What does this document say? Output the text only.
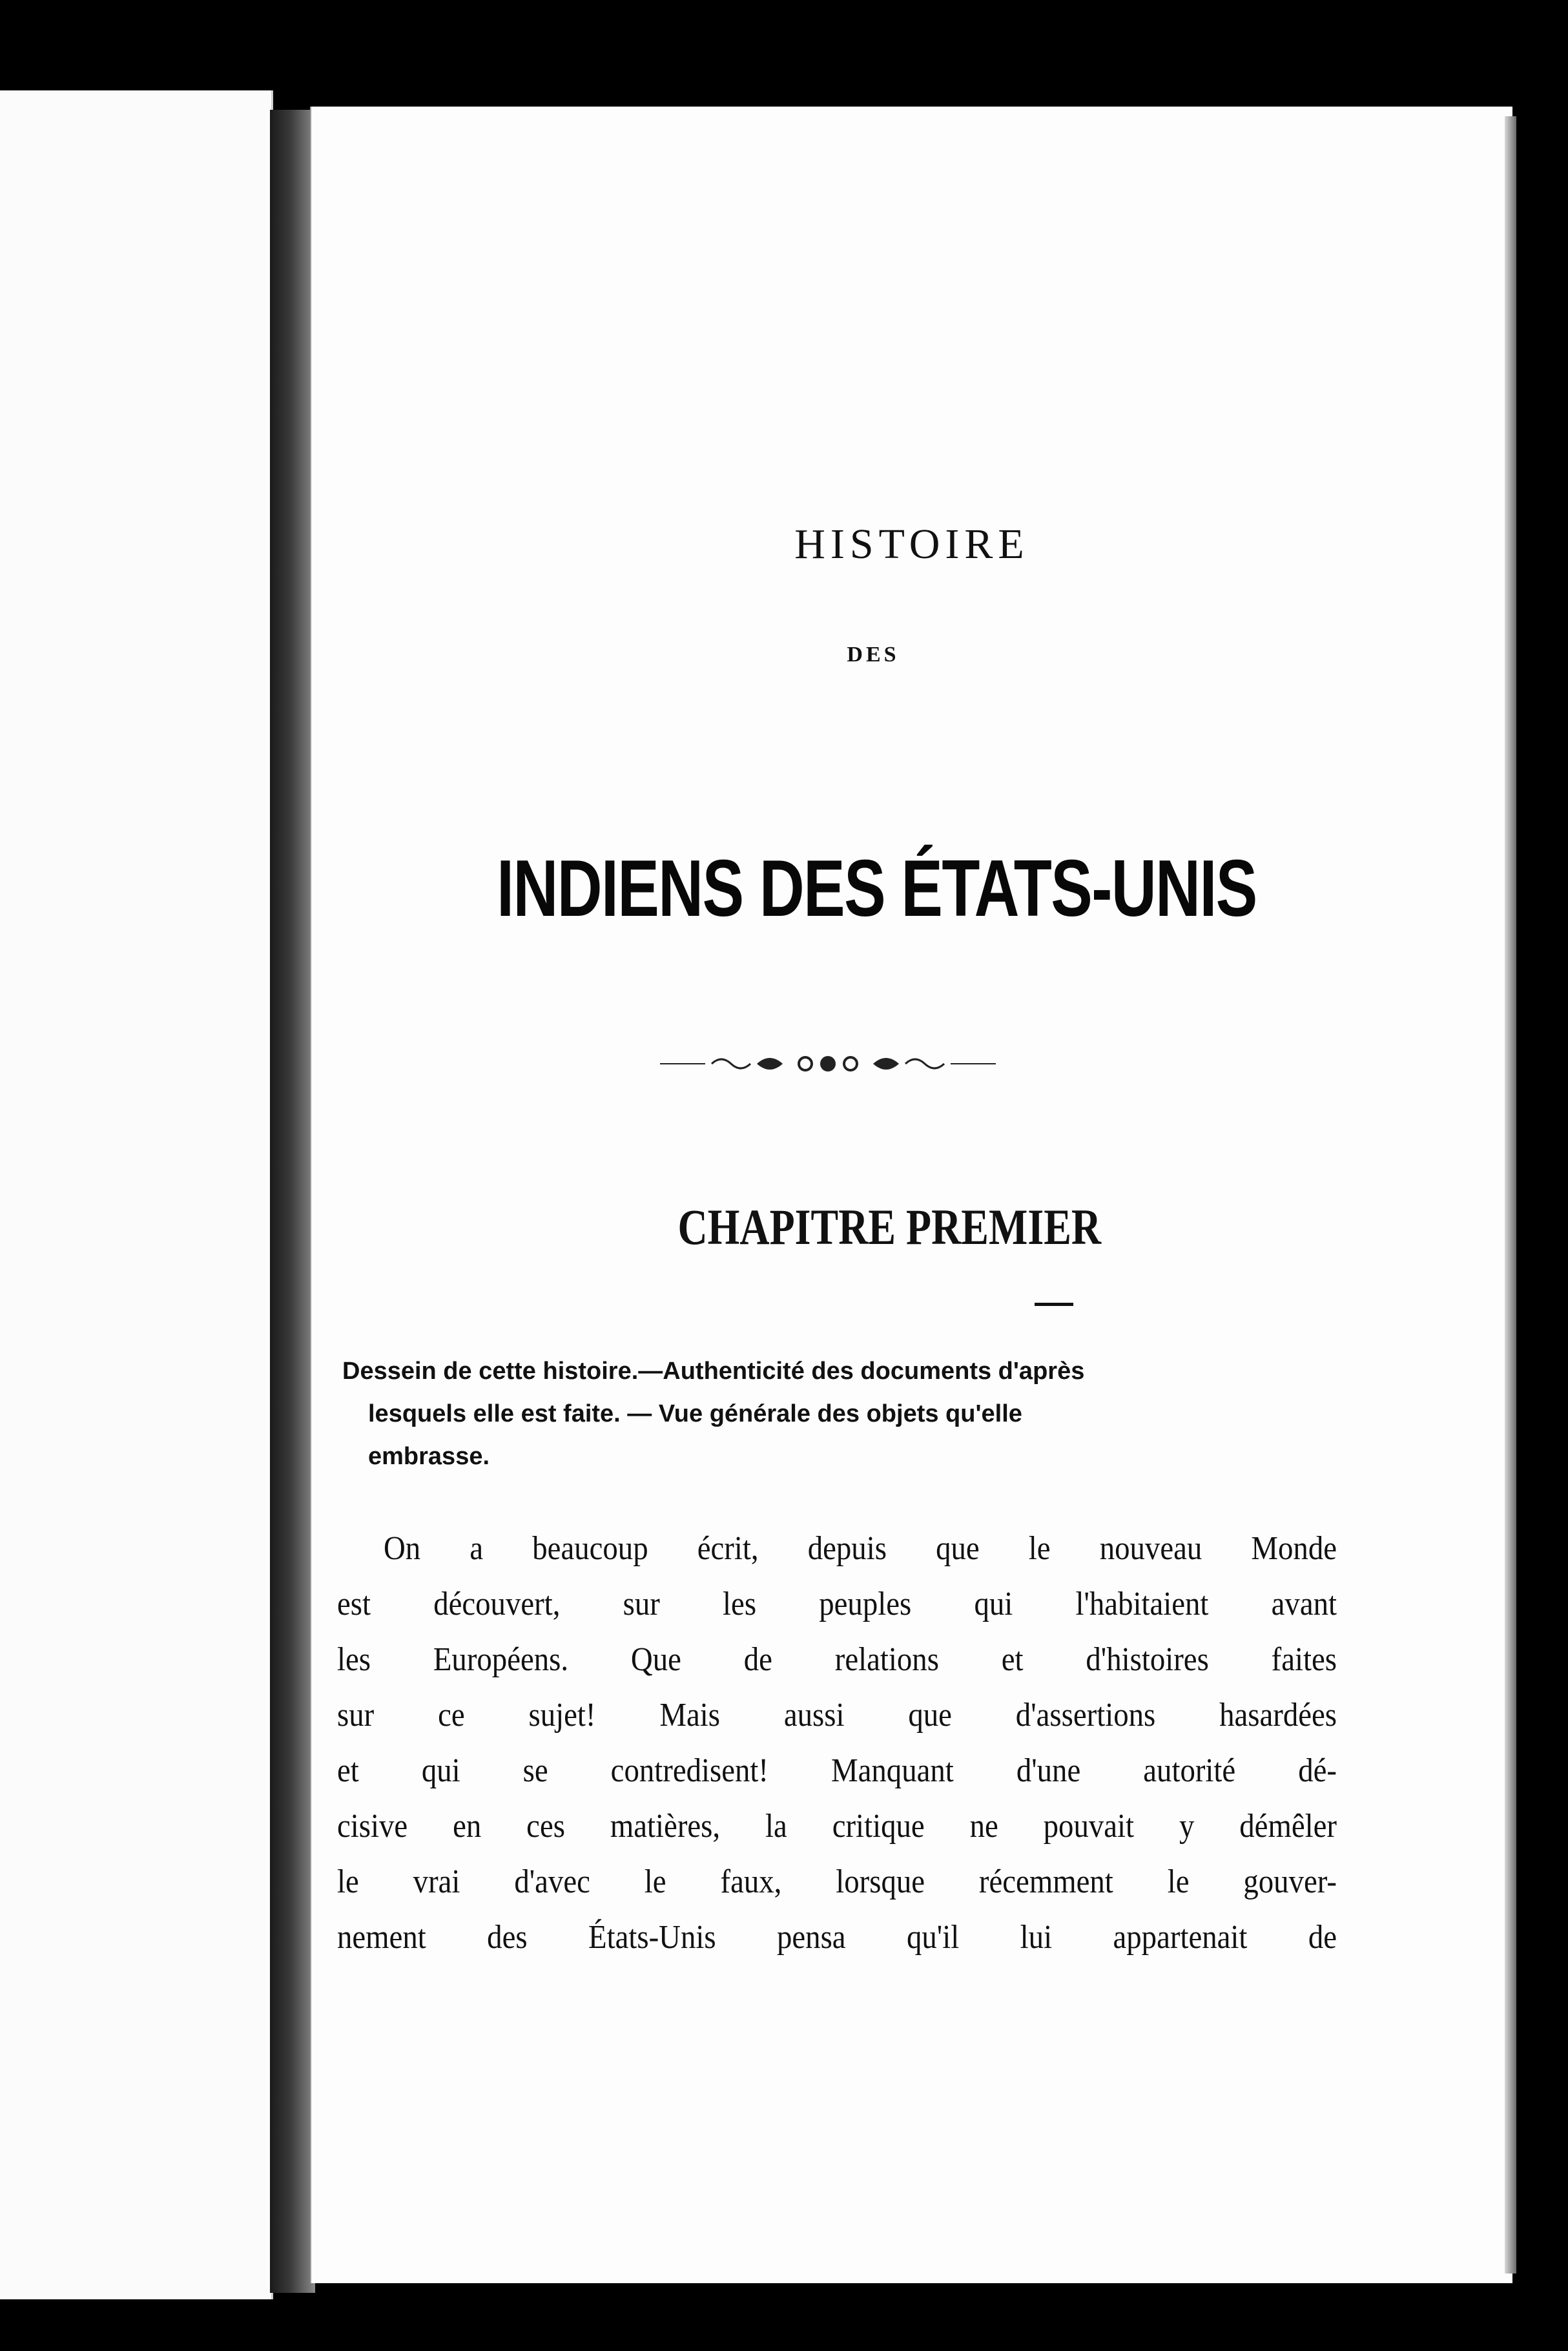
HISTOIRE
DES
INDIENS DES ÉTATS-UNIS
CHAPITRE PREMIER
Dessein de cette histoire.—Authenticité des documents d'après
lesquels elle est faite. — Vue générale des objets qu'elle
embrasse.
On a beaucoup écrit, depuis que le nouveau Monde
est découvert, sur les peuples qui l'habitaient avant
les Européens. Que de relations et d'histoires faites
sur ce sujet! Mais aussi que d'assertions hasardées
et qui se contredisent! Manquant d'une autorité dé-
cisive en ces matières, la critique ne pouvait y démêler
le vrai d'avec le faux, lorsque récemment le gouver-
nement des États-Unis pensa qu'il lui appartenait de
